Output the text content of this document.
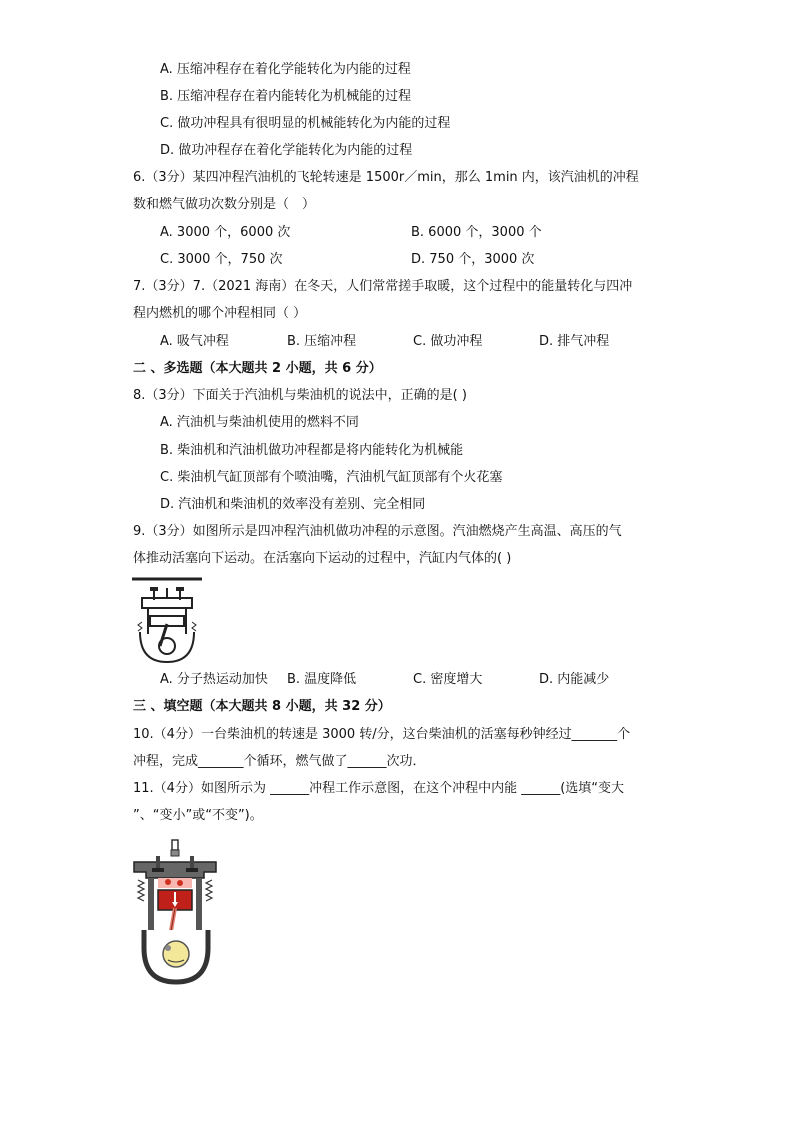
A. 压缩冲程存在着化学能转化为内能的过程
B. 压缩冲程存在着内能转化为机械能的过程
C. 做功冲程具有很明显的机械能转化为内能的过程
D. 做功冲程存在着化学能转化为内能的过程
6.（3分）某四冲程汽油机的飞轮转速是 1500r／min，那么 1min 内，该汽油机的冲程
数和燃气做功次数分别是（　）
A. 3000 个，6000 次	B. 6000 个，3000 个
C. 3000 个，750 次	D. 750 个，3000 次
7.（3分）7.（2021 海南）在冬天，人们常常搓手取暖，这个过程中的能量转化与四冲
程内燃机的哪个冲程相同（ ）
A. 吸气冲程	B. 压缩冲程	C. 做功冲程	D. 排气冲程
二 、多选题（本大题共 2 小题，共 6 分）
8.（3分）下面关于汽油机与柴油机的说法中，正确的是( )
A. 汽油机与柴油机使用的燃料不同
B. 柴油机和汽油机做功冲程都是将内能转化为机械能
C. 柴油机气缸顶部有个喷油嘴，汽油机气缸顶部有个火花塞
D. 汽油机和柴油机的效率没有差别、完全相同
9.（3分）如图所示是四冲程汽油机做功冲程的示意图。汽油燃烧产生高温、高压的气
体推动活塞向下运动。在活塞向下运动的过程中，汽缸内气体的( )
A. 分子热运动加快 B. 温度降低	C. 密度增大	D. 内能减少
三 、填空题（本大题共 8 小题，共 32 分）
10.（4分）一台柴油机的转速是 3000 转/分，这台柴油机的活塞每秒钟经过_______个
冲程，完成_______个循环，燃气做了______次功．
11.（4分）如图所示为 ______冲程工作示意图，在这个冲程中内能 ______(选填“变大
”、“变小”或“不变”)。
